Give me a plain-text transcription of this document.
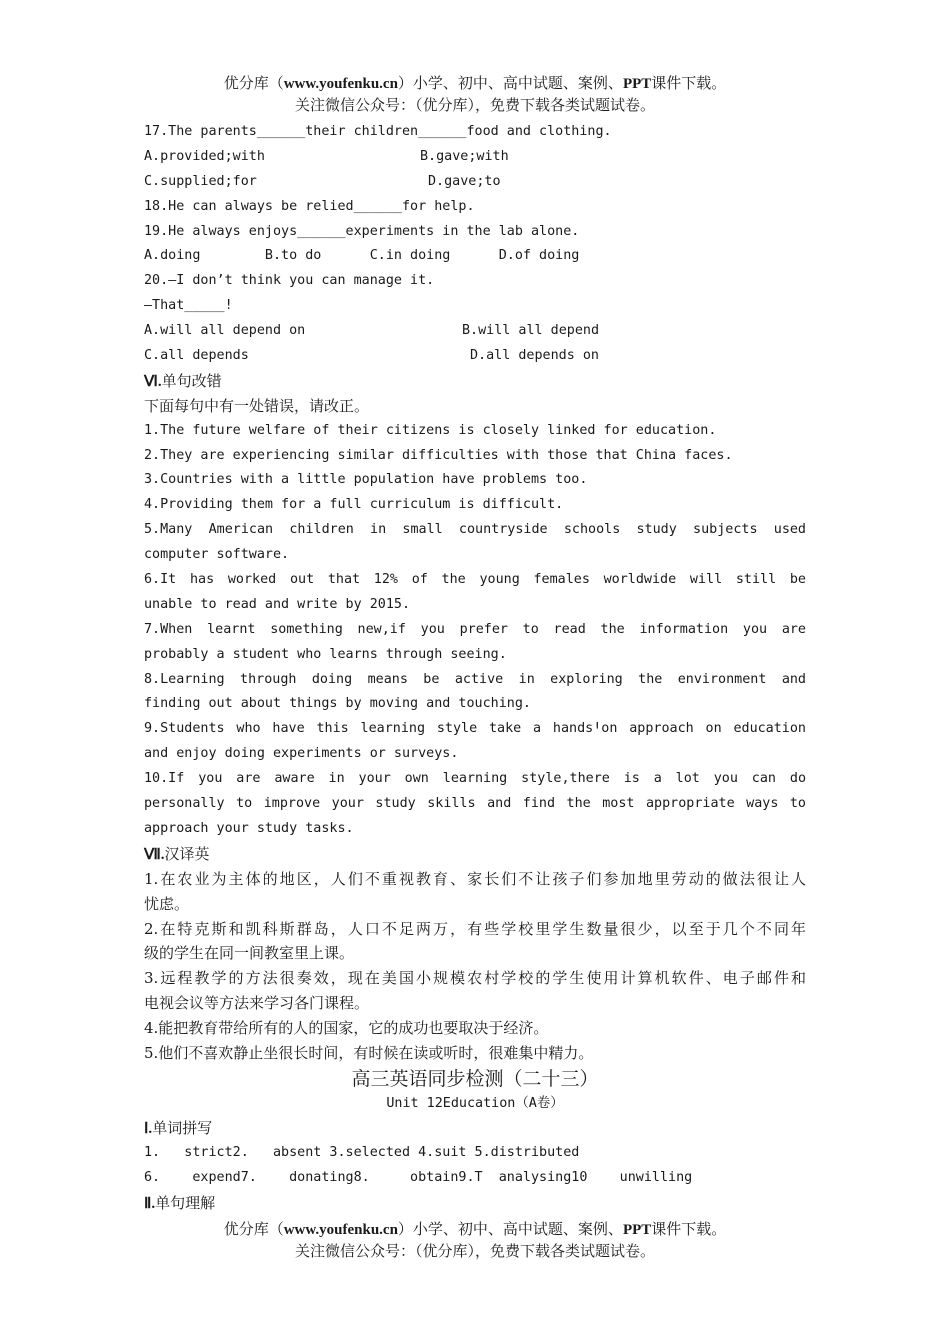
优分库（www.youfenku.cn）小学、初中、高中试题、案例、PPT课件下载。
关注微信公众号：（优分库），免费下载各类试题试卷。
17.The parents______their children______food and clothing.
A.provided;with	B.gave;with
C.supplied;for	D.gave;to
18.He can always be relied______for help.
19.He always enjoys______experiments in the lab alone.
A.doing        B.to do      C.in doing      D.of doing
20.—I don’t think you can manage it.
—That_____!
A.will all depend on	B.will all depend
C.all depends	D.all depends on
Ⅵ.单句改错
下面每句中有一处错误，请改正。
1.The future welfare of their citizens is closely linked for education.
2.They are experiencing similar difficulties with those that China faces.
3.Countries with a little population have problems too.
4.Providing them for a full curriculum is difficult.
5.Many American children in small countryside schools study subjects used
computer software.
6.It has worked out that 12% of the young females worldwide will still be
unable to read and write by 2015.
7.When learnt something new,if you prefer to read the information you are
probably a student who learns through seeing.
8.Learning through doing means be active in exploring the environment and
finding out about things by moving and touching.
9.Students who have this learning style take a handsꞋon approach on education
and enjoy doing experiments or surveys.
10.If you are aware in your own learning style,there is a lot you can do
personally to improve your study skills and find the most appropriate ways to
approach your study tasks.
Ⅶ.汉译英
1.在农业为主体的地区，人们不重视教育、家长们不让孩子们参加地里劳动的做法很让人
忧虑。
2.在特克斯和凯科斯群岛，人口不足两万，有些学校里学生数量很少，以至于几个不同年
级的学生在同一间教室里上课。
3.远程教学的方法很奏效，现在美国小规模农村学校的学生使用计算机软件、电子邮件和
电视会议等方法来学习各门课程。
4.能把教育带给所有的人的国家，它的成功也要取决于经济。
5.他们不喜欢静止坐很长时间，有时候在读或听时，很难集中精力。
高三英语同步检测（二十三）
Unit 12Education（A卷）
Ⅰ.单词拼写
1.   strict2.   absent 3.selected 4.suit 5.distributed
6.    expend7.    donating8.     obtain9.T  analysing10    unwilling
Ⅱ.单句理解
优分库（www.youfenku.cn）小学、初中、高中试题、案例、PPT课件下载。
关注微信公众号：（优分库），免费下载各类试题试卷。
